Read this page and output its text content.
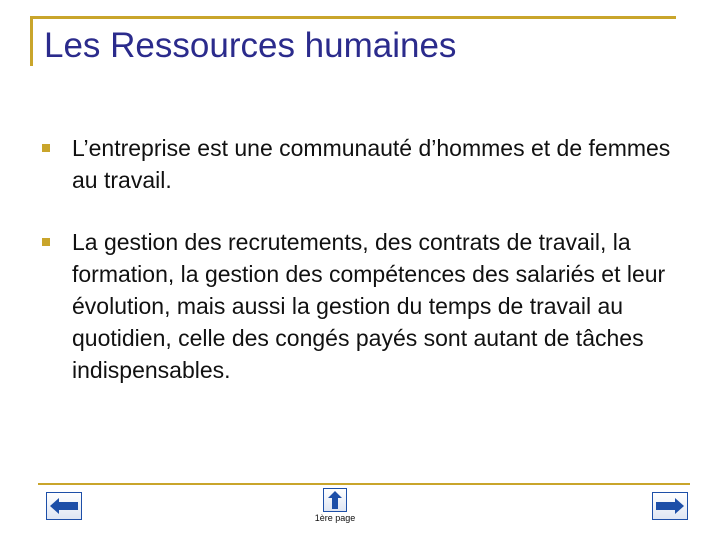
Les Ressources humaines
L’entreprise est une communauté d’hommes et de femmes au travail.
La gestion des recrutements, des contrats de travail, la formation, la gestion des compétences des salariés et leur évolution, mais aussi la gestion du temps de travail au quotidien, celle des congés payés sont autant de tâches indispensables.
1ère page
